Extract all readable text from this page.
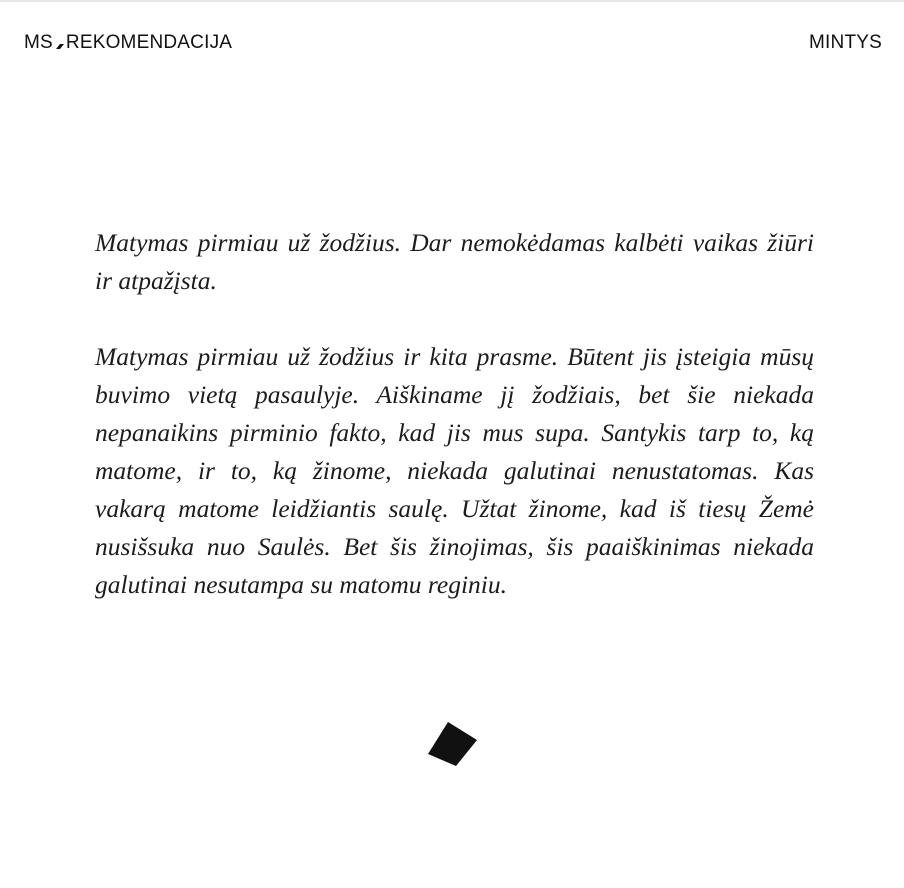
MS REKOMENDACIJA	MINTYS

Matymas pirmiau už žodžius. Dar nemokėdamas kalbėti vaikas žiūri ir atpažįsta.

Matymas pirmiau už žodžius ir kita prasme. Būtent jis įsteigia mūsų buvimo vietą pasaulyje. Aiškiname jį žodžiais, bet šie niekada nepanaikins pirminio fakto, kad jis mus supa. Santykis tarp to, ką matome, ir to, ką žinome, niekada galutinai nenustatomas. Kas vakarą matome leidžiantis saulę. Užtat žinome, kad iš tiesų Žemė nusišsuka nuo Saulės. Bet šis žinojimas, šis paaiškinimas niekada galutinai nesutampa su matomu reginiu.
